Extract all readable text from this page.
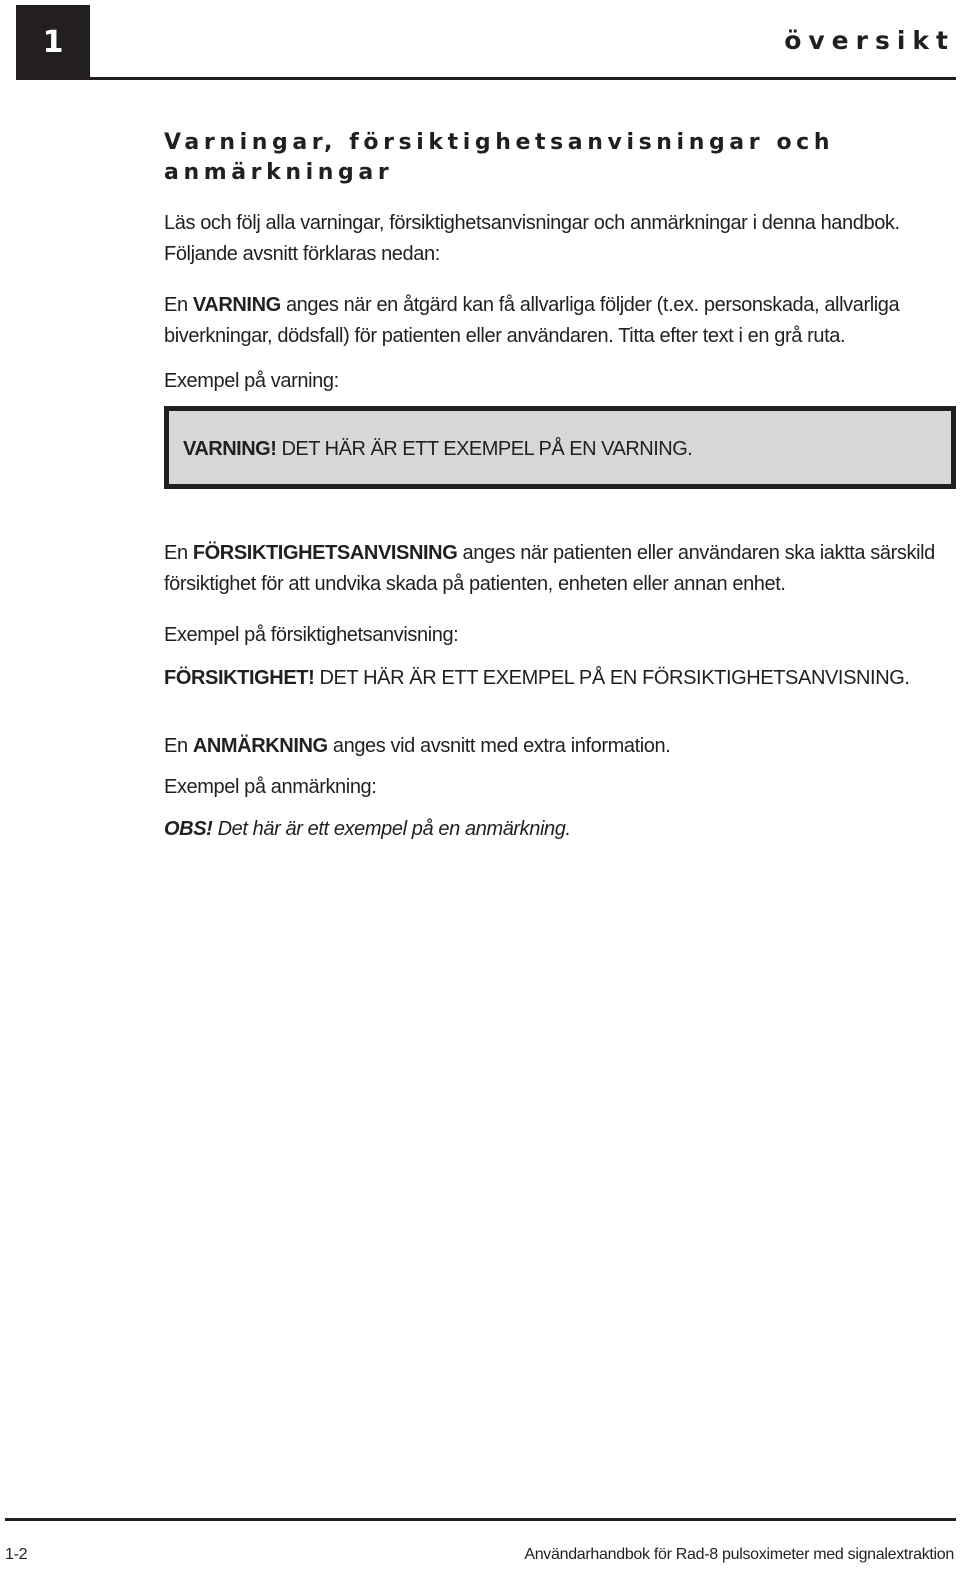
1	översikt
Varningar, försiktighetsanvisningar och anmärkningar

Läs och följ alla varningar, försiktighetsanvisningar och anmärkningar i denna handbok.
Följande avsnitt förklaras nedan:

En VARNING anges när en åtgärd kan få allvarliga följder (t.ex. personskada, allvarliga
biverkningar, dödsfall) för patienten eller användaren. Titta efter text i en grå ruta.

Exempel på varning:

VARNING! DET HÄR ÄR ETT EXEMPEL PÅ EN VARNING.

En FÖRSIKTIGHETSANVISNING anges när patienten eller användaren ska iaktta särskild
försiktighet för att undvika skada på patienten, enheten eller annan enhet.

Exempel på försiktighetsanvisning:

FÖRSIKTIGHET! DET HÄR ÄR ETT EXEMPEL PÅ EN FÖRSIKTIGHETSANVISNING.

En ANMÄRKNING anges vid avsnitt med extra information.

Exempel på anmärkning:

OBS! Det här är ett exempel på en anmärkning.

1-2	Användarhandbok för Rad-8 pulsoximeter med signalextraktion
